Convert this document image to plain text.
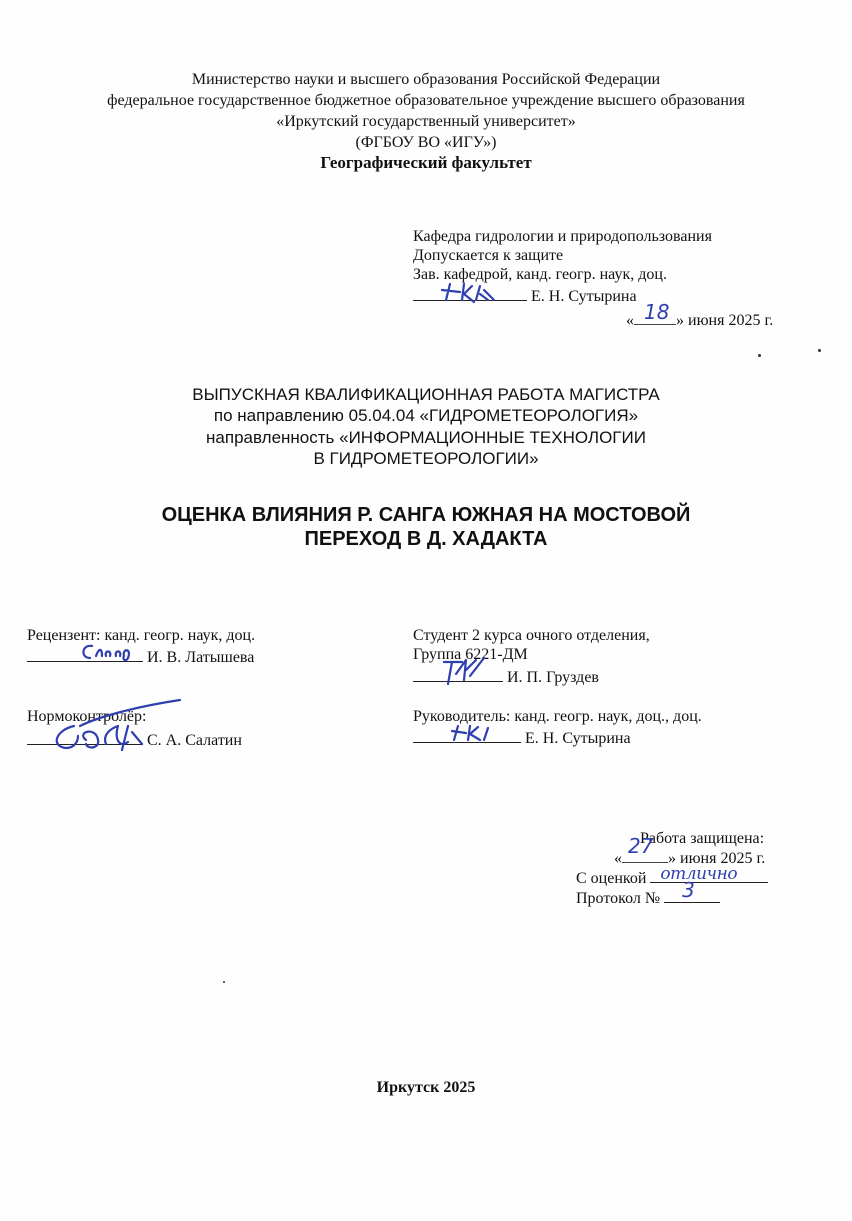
Министерство науки и высшего образования Российской Федерации
федеральное государственное бюджетное образовательное учреждение высшего образования
«Иркутский государственный университет»
(ФГБОУ ВО «ИГУ»)
Географический факультет
Кафедра гидрологии и природопользования
Допускается к защите
Зав. кафедрой, канд. геогр. наук, доц.
Е. Н. Сутырина
« 18 » июня 2025 г.
ВЫПУСКНАЯ КВАЛИФИКАЦИОННАЯ РАБОТА МАГИСТРА
по направлению 05.04.04 «ГИДРОМЕТЕОРОЛОГИЯ»
направленность «ИНФОРМАЦИОННЫЕ ТЕХНОЛОГИИ
В ГИДРОМЕТЕОРОЛОГИИ»
ОЦЕНКА ВЛИЯНИЯ Р. САНГА ЮЖНАЯ НА МОСТОВОЙ
ПЕРЕХОД В Д. ХАДАКТА
Рецензент: канд. геогр. наук, доц.
И. В. Латышева
Студент 2 курса очного отделения,
Группа 6221-ДМ
И. П. Груздев
Нормоконтролёр:
С. А. Салатин
Руководитель: канд. геогр. наук, доц., доц.
Е. Н. Сутырина
Работа защищена:
«
27
» июня 2025 г.
С оценкой отлично
Протокол № 3
Иркутск 2025
